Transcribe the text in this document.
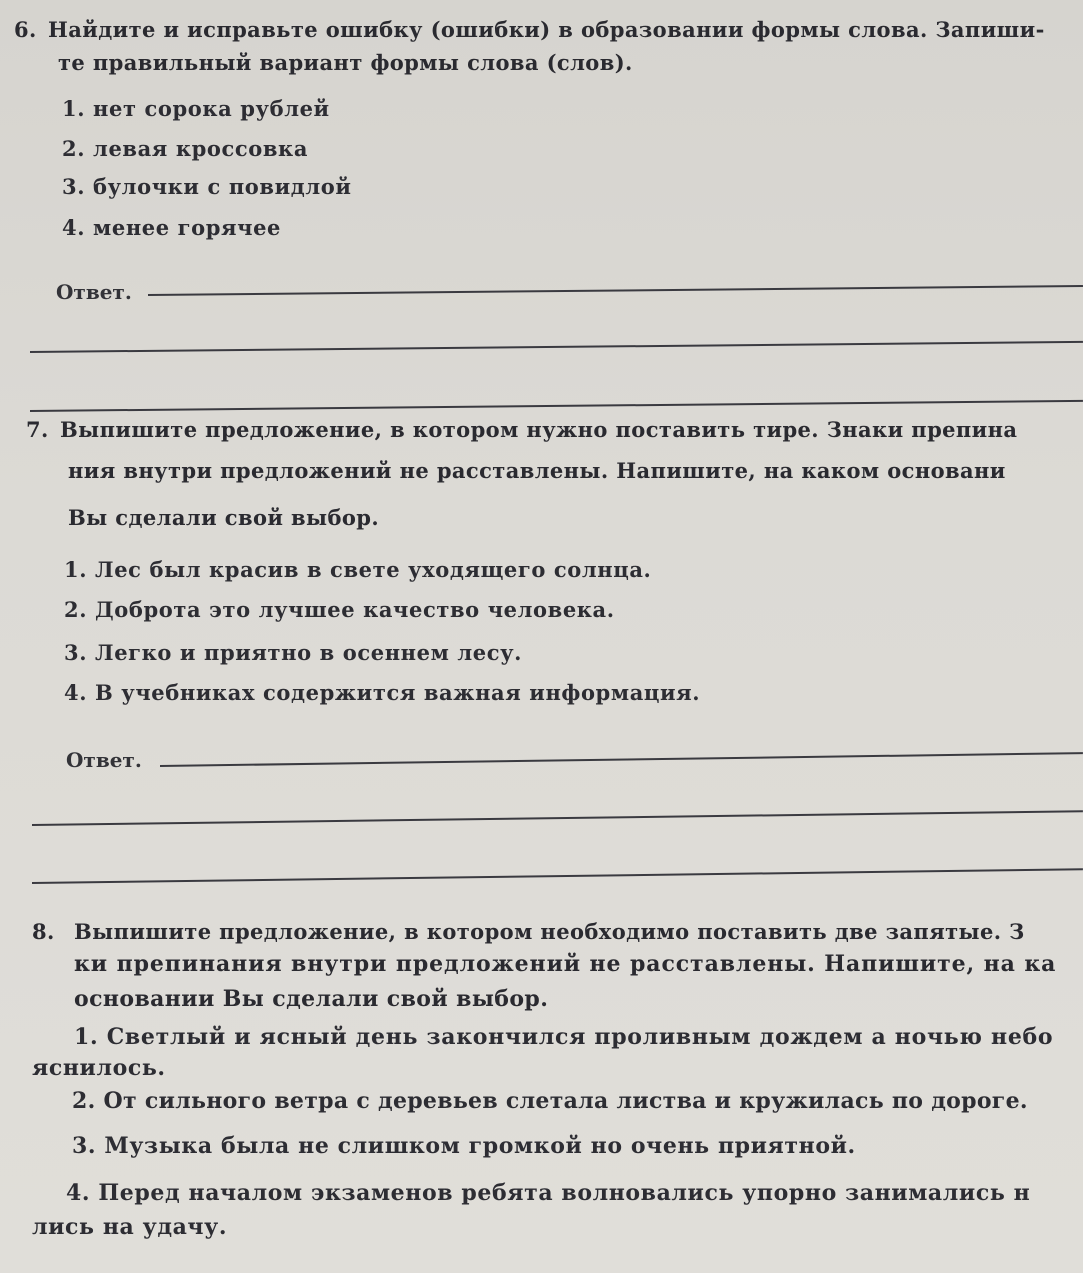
6. Найдите и исправьте ошибку (ошибки) в образовании формы слова. Запиши-
те правильный вариант формы слова (слов).
1. нет сорока рублей
2. левая кроссовка
3. булочки с повидлой
4. менее горячее
Ответ.
7. Выпишите предложение, в котором нужно поставить тире. Знаки препина
ния внутри предложений не расставлены. Напишите, на каком основани
Вы сделали свой выбор.
1. Лес был красив в свете уходящего солнца.
2. Доброта это лучшее качество человека.
3. Легко и приятно в осеннем лесу.
4. В учебниках содержится важная информация.
Ответ.
8. Выпишите предложение, в котором необходимо поставить две запятые. З
ки препинания внутри предложений не расставлены. Напишите, на ка
основании Вы сделали свой выбор.
1. Светлый и ясный день закончился проливным дождем а ночью небо
яснилось.
2. От сильного ветра с деревьев слетала листва и кружилась по дороге.
3. Музыка была не слишком громкой но очень приятной.
4. Перед началом экзаменов ребята волновались упорно занимались н
лись на удачу.
